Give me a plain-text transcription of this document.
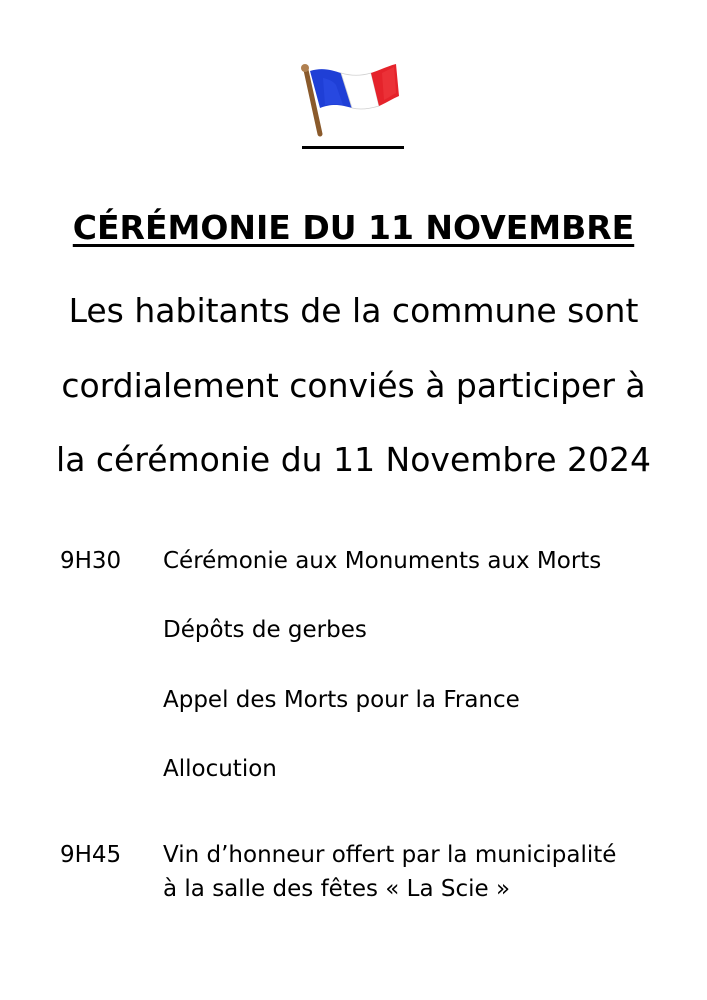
CÉRÉMONIE DU 11 NOVEMBRE
Les habitants de la commune sont
cordialement conviés à participer à
la cérémonie du 11 Novembre 2024
9H30 Cérémonie aux Monuments aux Morts
Dépôts de gerbes
Appel des Morts pour la France
Allocution
9H45 Vin d’honneur offert par la municipalité
à la salle des fêtes « La Scie »
